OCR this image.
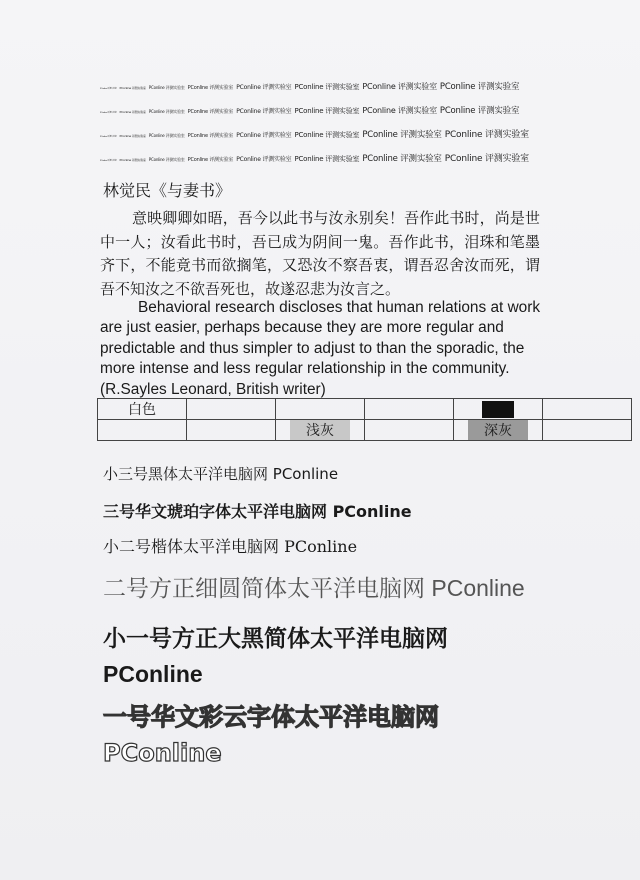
PConline 评测实验室 PConline 评测实验室 PConline 评测实验室 PConline 评测实验室 PConline 评测实验室 PConline 评测实验室 PConline 评测实验室 PConline 评测实验室
PConline 评测实验室 PConline 评测实验室 PConline 评测实验室 PConline 评测实验室 PConline 评测实验室 PConline 评测实验室 PConline 评测实验室 PConline 评测实验室
PConline 评测实验室 PConline 评测实验室 PConline 评测实验室 PConline 评测实验室 PConline 评测实验室 PConline 评测实验室 PConline 评测实验室 PConline 评测实验室
PConline 评测实验室 PConline 评测实验室 PConline 评测实验室 PConline 评测实验室 PConline 评测实验室 PConline 评测实验室 PConline 评测实验室 PConline 评测实验室
林觉民《与妻书》
意映卿卿如晤，吾今以此书与汝永别矣！吾作此书时，尚是世中一人；汝看此书时，吾已成为阴间一鬼。吾作此书，泪珠和笔墨齐下，不能竟书而欲搁笔，又恐汝不察吾衷，谓吾忍舍汝而死，谓吾不知汝之不欲吾死也，故遂忍悲为汝言之。
Behavioral research discloses that human relations at work are just easier, perhaps because they are more regular and predictable and thus simpler to adjust to than the sporadic, the more intense and less regular relationship in the community. (R.Sayles Leonard, British writer)
白色					
		浅灰		深灰	
小三号黑体太平洋电脑网 PConline
三号华文琥珀字体太平洋电脑网 PConline
小二号楷体太平洋电脑网 PConline
二号方正细圆简体太平洋电脑网 PConline
小一号方正大黑简体太平洋电脑网 PConline
一号华文彩云字体太平洋电脑网 PConline
